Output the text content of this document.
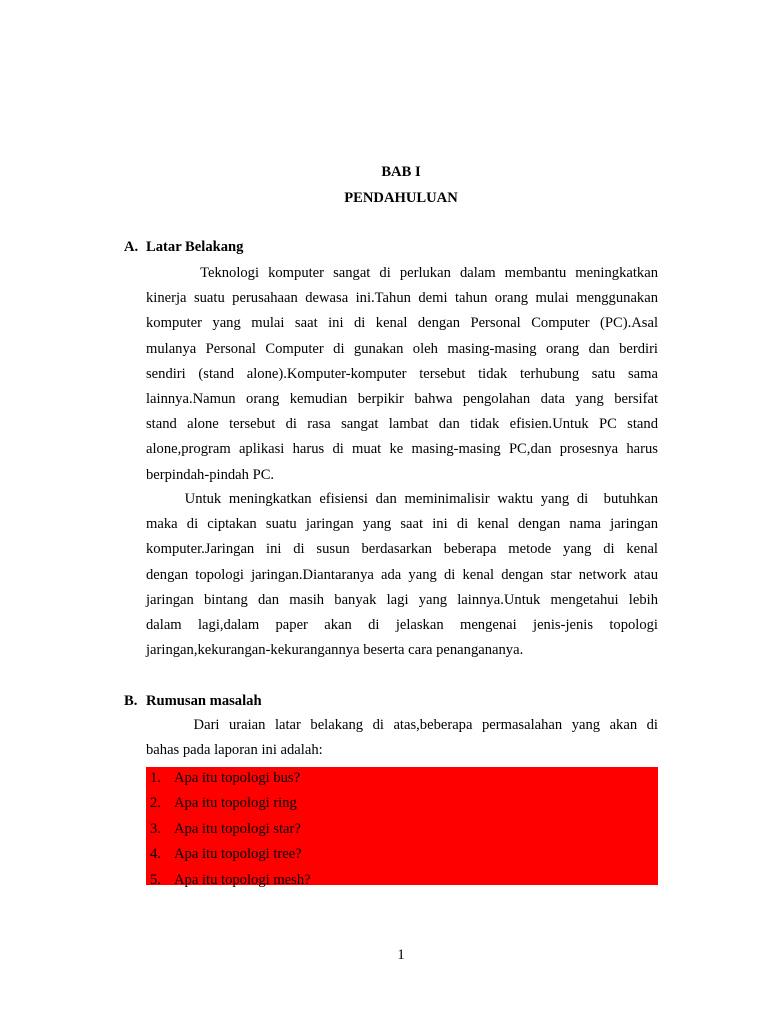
BAB I
PENDAHULUAN
A. Latar Belakang
Teknologi komputer sangat di perlukan dalam membantu meningkatkan
kinerja suatu perusahaan dewasa ini.Tahun demi tahun orang mulai menggunakan
komputer yang mulai saat ini di kenal dengan Personal Computer (PC).Asal
mulanya Personal Computer di gunakan oleh masing-masing orang dan berdiri
sendiri (stand alone).Komputer-komputer tersebut tidak terhubung satu sama
lainnya.Namun orang kemudian berpikir bahwa pengolahan data yang bersifat
stand alone tersebut di rasa sangat lambat dan tidak efisien.Untuk PC stand
alone,program aplikasi harus di muat ke masing-masing PC,dan prosesnya harus
berpindah-pindah PC.
Untuk meningkatkan efisiensi dan meminimalisir waktu yang di  butuhkan
maka di ciptakan suatu jaringan yang saat ini di kenal dengan nama jaringan
komputer.Jaringan ini di susun berdasarkan beberapa metode yang di kenal
dengan topologi jaringan.Diantaranya ada yang di kenal dengan star network atau
jaringan bintang dan masih banyak lagi yang lainnya.Untuk mengetahui lebih
dalam lagi,dalam paper akan di jelaskan mengenai jenis-jenis topologi
jaringan,kekurangan-kekurangannya beserta cara penangananya.
B. Rumusan masalah
Dari uraian latar belakang di atas,beberapa permasalahan yang akan di
bahas pada laporan ini adalah:
1. Apa itu topologi bus?
2. Apa itu topologi ring
3. Apa itu topologi star?
4. Apa itu topologi tree?
5. Apa itu topologi mesh?
1
